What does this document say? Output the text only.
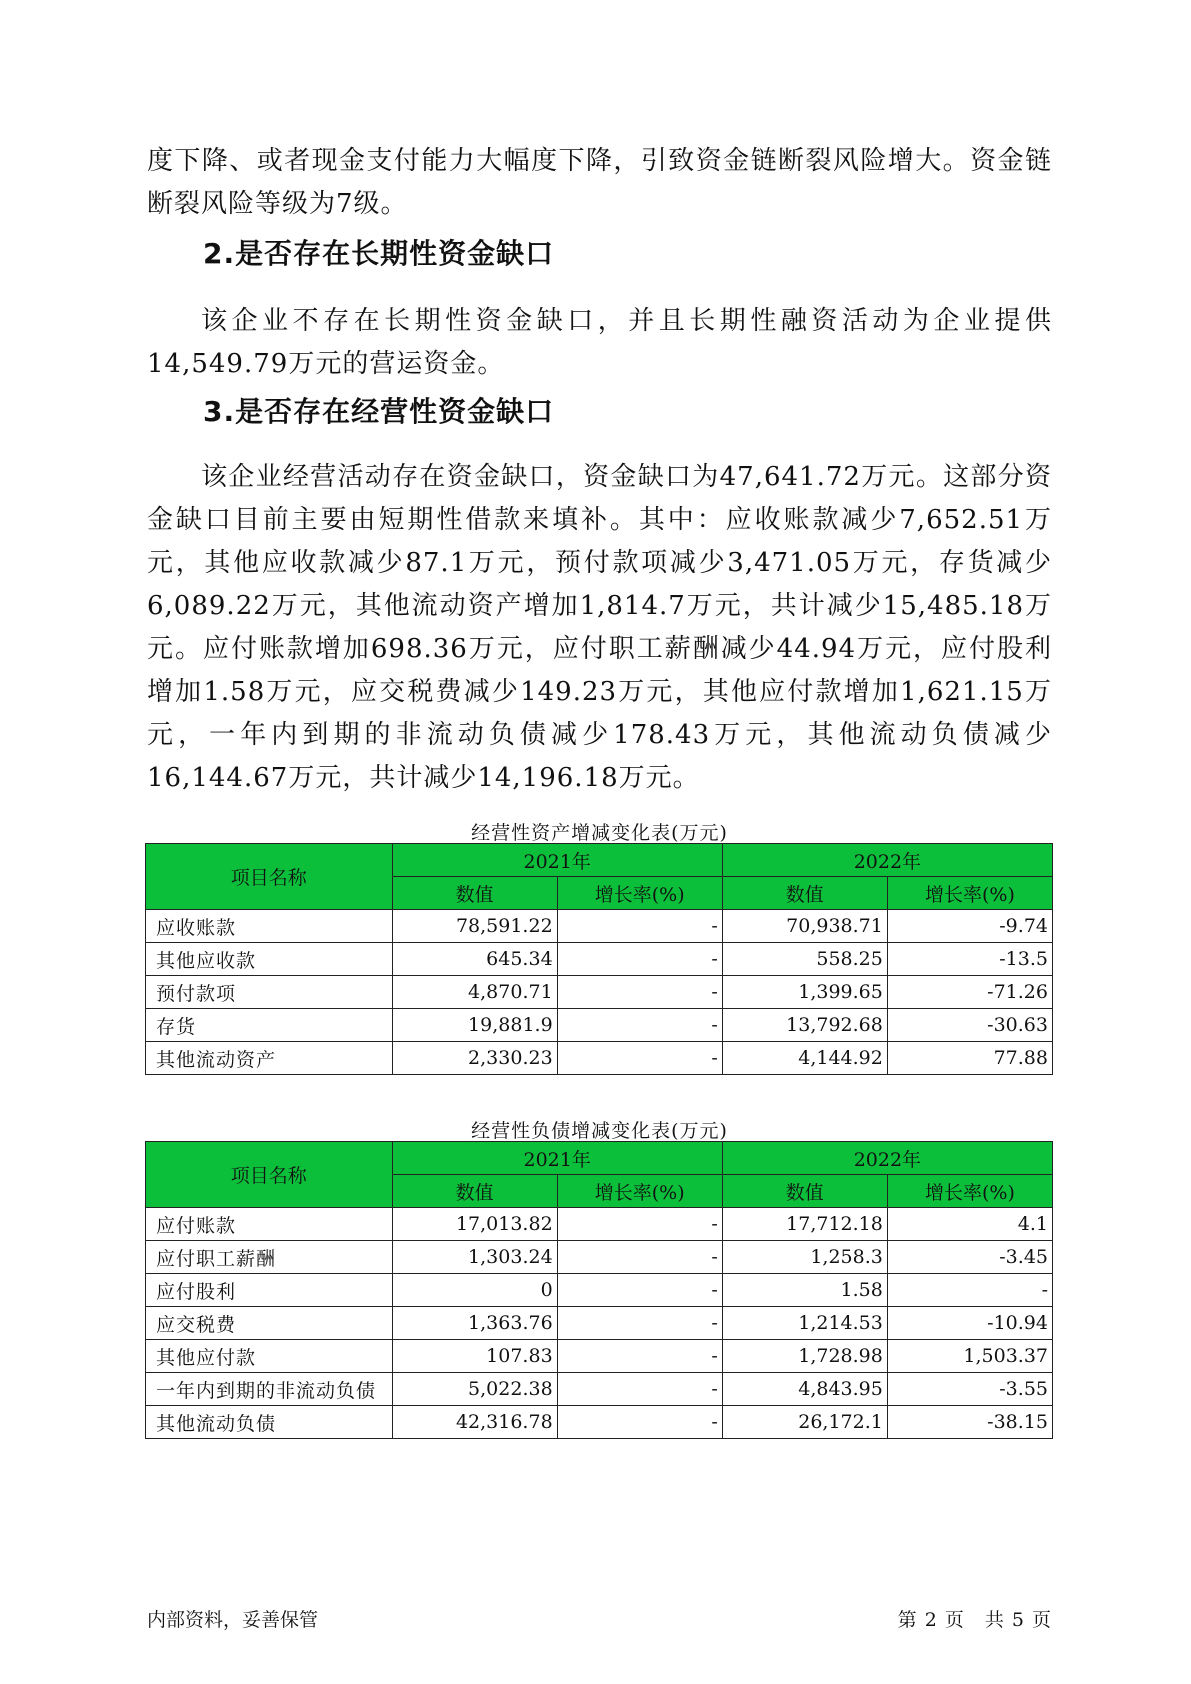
度下降、或者现金支付能力大幅度下降，引致资金链断裂风险增大。资金链断裂风险等级为7级。

2.是否存在长期性资金缺口

该企业不存在长期性资金缺口，并且长期性融资活动为企业提供14,549.79万元的营运资金。

3.是否存在经营性资金缺口

该企业经营活动存在资金缺口，资金缺口为47,641.72万元。这部分资金缺口目前主要由短期性借款来填补。其中：应收账款减少7,652.51万元，其他应收款减少87.1万元，预付款项减少3,471.05万元，存货减少6,089.22万元，其他流动资产增加1,814.7万元，共计减少15,485.18万元。应付账款增加698.36万元，应付职工薪酬减少44.94万元，应付股利增加1.58万元，应交税费减少149.23万元，其他应付款增加1,621.15万元，一年内到期的非流动负债减少178.43万元，其他流动负债减少16,144.67万元，共计减少14,196.18万元。

经营性资产增减变化表(万元)

项目名称	2021年		2022年	
	数值	增长率(%)	数值	增长率(%)
应收账款	78,591.22	-	70,938.71	-9.74
其他应收款	645.34	-	558.25	-13.5
预付款项	4,870.71	-	1,399.65	-71.26
存货	19,881.9	-	13,792.68	-30.63
其他流动资产	2,330.23	-	4,144.92	77.88

经营性负债增减变化表(万元)

项目名称	2021年		2022年	
	数值	增长率(%)	数值	增长率(%)
应付账款	17,013.82	-	17,712.18	4.1
应付职工薪酬	1,303.24	-	1,258.3	-3.45
应付股利	0	-	1.58	-
应交税费	1,363.76	-	1,214.53	-10.94
其他应付款	107.83	-	1,728.98	1,503.37
一年内到期的非流动负债	5,022.38	-	4,843.95	-3.55
其他流动负债	42,316.78	-	26,172.1	-38.15
内部资料，妥善保管	第 2 页　共 5 页
